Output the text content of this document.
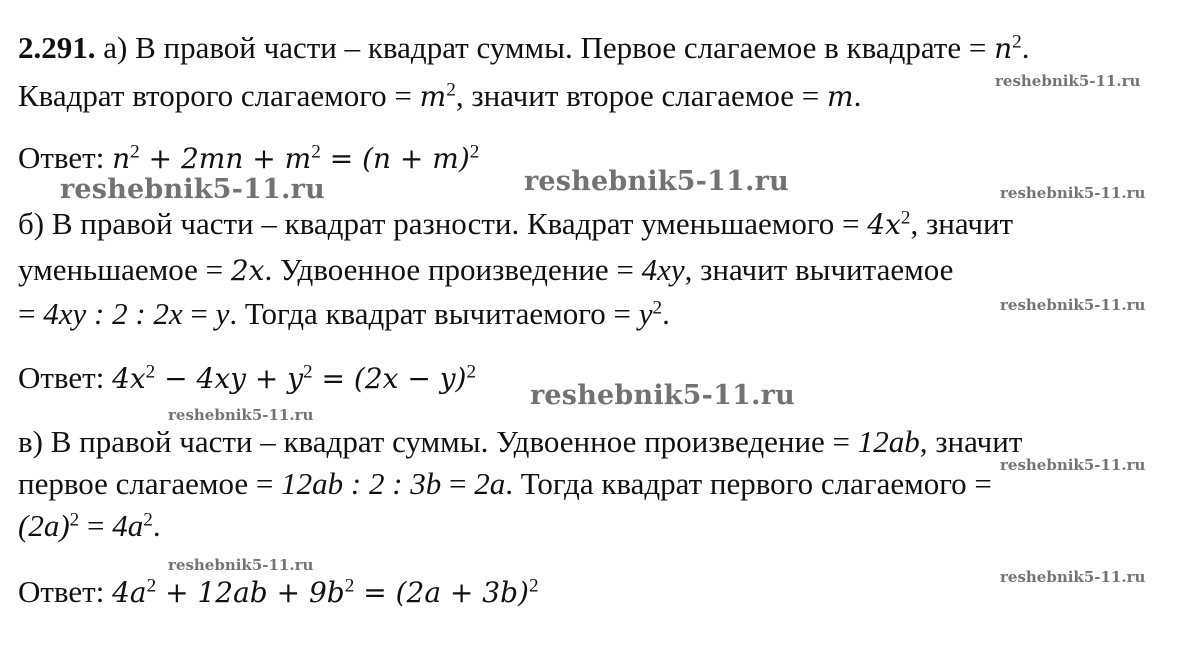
2.291. а) В правой части – квадрат суммы. Первое слагаемое в квадрате = $n^2$.
Квадрат второго слагаемого = $m^2$, значит второе слагаемое = m.
Ответ: $n^2 + 2mn + m^2 = (n + m)^2$
б) В правой части – квадрат разности. Квадрат уменьшаемого = $4x^2$, значит
уменьшаемое = 2x. Удвоенное произведение = 4xy, значит вычитаемое
= 4xy : 2 : 2x = y. Тогда квадрат вычитаемого = $y^2$.
Ответ: $4x^2 - 4xy + y^2 = (2x - y)^2$
в) В правой части – квадрат суммы. Удвоенное произведение = 12ab, значит
первое слагаемое = 12ab : 2 : 3b = 2a. Тогда квадрат первого слагаемого =
$(2a)^2 = 4a^2$.
Ответ: $4a^2 + 12ab + 9b^2 = (2a + 3b)^2$
reshebnik5-11.ru
reshebnik5-11.ru	reshebnik5-11.ru	reshebnik5-11.ru
reshebnik5-11.ru
reshebnik5-11.ru
reshebnik5-11.ru
reshebnik5-11.ru
reshebnik5-11.ru
reshebnik5-11.ru
